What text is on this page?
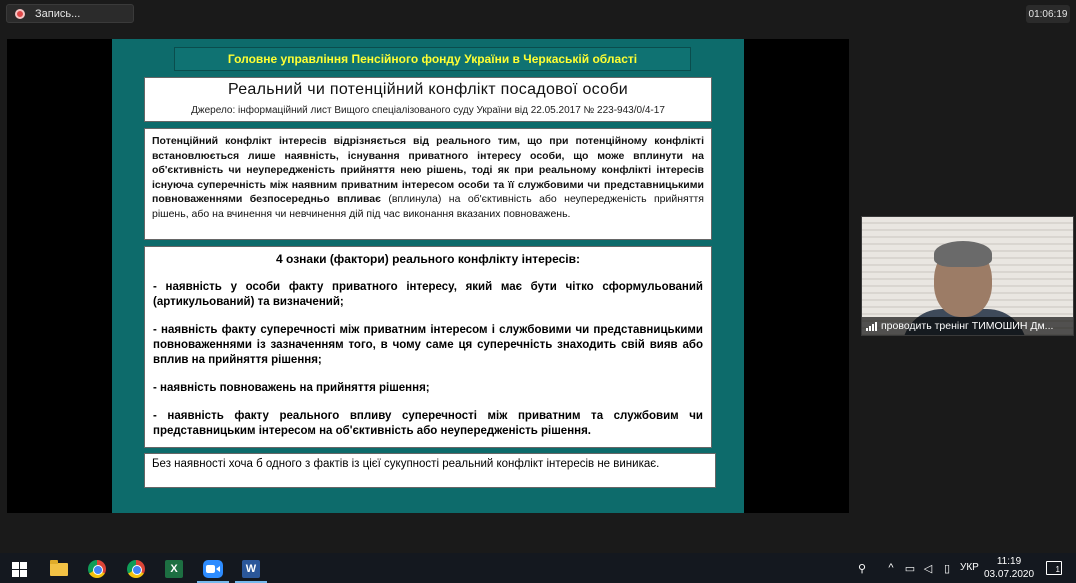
Запись...	01:06:19
Головне управління Пенсійного фонду України в Черкаській області
Реальний чи потенційний конфлікт посадової особи
Джерело: інформаційний лист Вищого спеціалізованого суду України від 22.05.2017 № 223-943/0/4-17
Потенційний конфлікт інтересів відрізняється від реального тим, що при потенційному конфлікті встановлюється лише наявність, існування приватного інтересу особи, що може вплинути на об'єктивність чи неупередженість прийняття нею рішень, тоді як при реальному конфлікті інтересів існуюча суперечність між наявним приватним інтересом особи та її службовими чи представницькими повноваженнями безпосередньо впливає (вплинула) на об'єктивність або неупередженість прийняття рішень, або на вчинення чи невчинення дій під час виконання вказаних повноважень.
4 ознаки (фактори) реального конфлікту інтересів:
- наявність у особи факту приватного інтересу, який має бути чітко сформульований (артикульований) та визначений;
- наявність факту суперечності між приватним інтересом і службовими чи представницькими повноваженнями із зазначенням того, в чому саме ця суперечність знаходить свій вияв або вплив на прийняття рішення;
- наявність повноважень на прийняття рішення;
- наявність факту реального впливу суперечності між приватним та службовим чи представницьким інтересом на об'єктивність або неупередженість рішення.
Без наявності хоча б одного з фактів із цієї сукупності реальний конфлікт інтересів не виникає.
проводить тренінг ТИМОШИН Дм...
X	W	⚲	^	▭ ◁	▯ УКР
11:19
03.07.2020	1
